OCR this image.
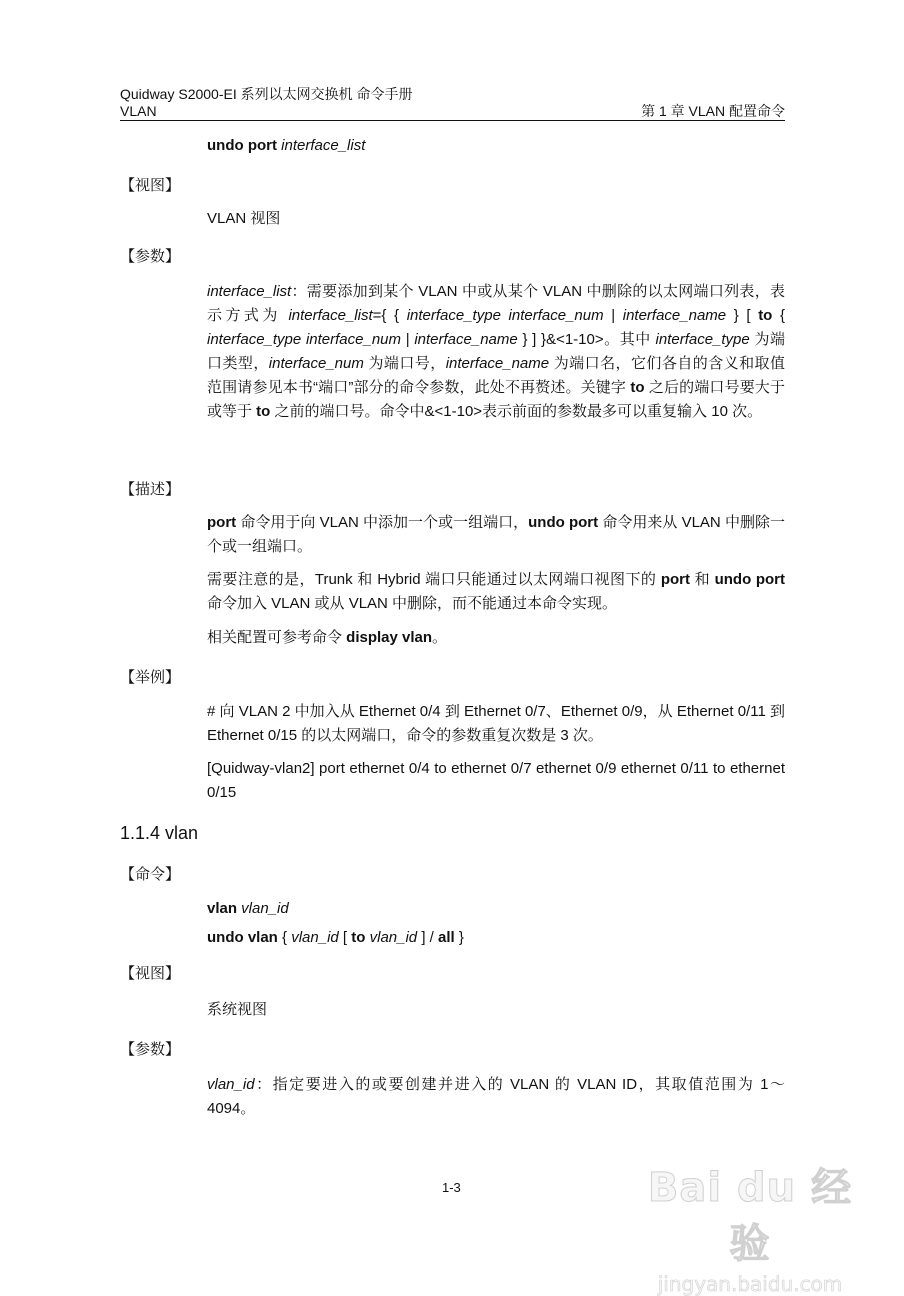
Quidway S2000-EI 系列以太网交换机 命令手册
VLAN	第 1 章 VLAN 配置命令
undo port interface_list
【视图】
VLAN 视图
【参数】
interface_list：需要添加到某个 VLAN 中或从某个 VLAN 中删除的以太网端口列表，表示方式为 interface_list={ { interface_type interface_num | interface_name } [ to { interface_type interface_num | interface_name } ] }&<1-10>。其中 interface_type 为端口类型，interface_num 为端口号，interface_name 为端口名，它们各自的含义和取值范围请参见本书“端口”部分的命令参数，此处不再赘述。关键字 to 之后的端口号要大于或等于 to 之前的端口号。命令中&<1-10>表示前面的参数最多可以重复输入 10 次。
【描述】
port 命令用于向 VLAN 中添加一个或一组端口，undo port 命令用来从 VLAN 中删除一个或一组端口。
需要注意的是，Trunk 和 Hybrid 端口只能通过以太网端口视图下的 port 和 undo port 命令加入 VLAN 或从 VLAN 中删除，而不能通过本命令实现。
相关配置可参考命令 display vlan。
【举例】
# 向 VLAN 2 中加入从 Ethernet 0/4 到 Ethernet 0/7、Ethernet 0/9，从 Ethernet 0/11 到 Ethernet 0/15 的以太网端口，命令的参数重复次数是 3 次。
[Quidway-vlan2] port ethernet 0/4 to ethernet 0/7 ethernet 0/9 ethernet 0/11 to ethernet 0/15
1.1.4 vlan
【命令】
vlan vlan_id
undo vlan { vlan_id [ to vlan_id ] / all }
【视图】
系统视图
【参数】
vlan_id：指定要进入的或要创建并进入的 VLAN 的 VLAN ID，其取值范围为 1～4094。
1-3	Bai du 经验
jingyan.baidu.com
